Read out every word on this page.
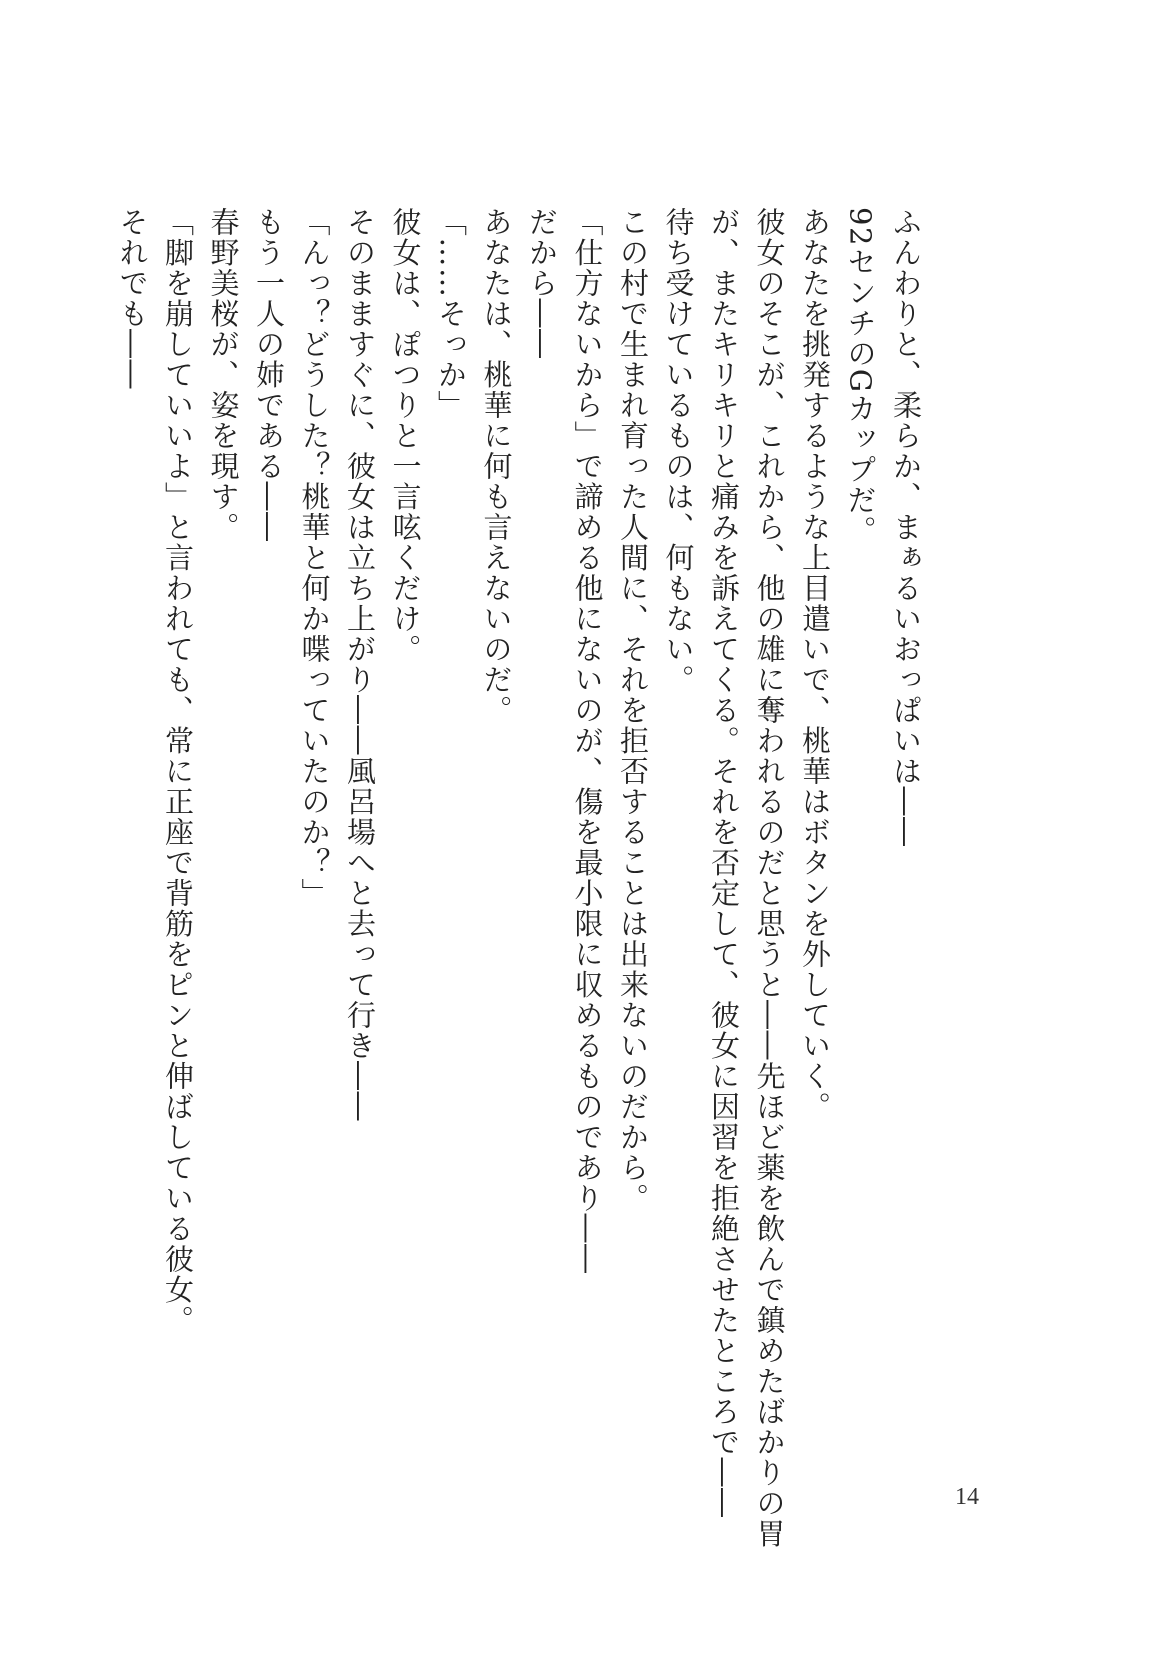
ふんわりと、柔らか、まぁるいおっぱいは――
92センチのGカップだ。
あなたを挑発するような上目遣いで、桃華はボタンを外していく。
彼女のそこが、これから、他の雄に奪われるのだと思うと――先ほど薬を飲んで鎮めたばかりの胃
が、またキリキリと痛みを訴えてくる。それを否定して、彼女に因習を拒絶させたところで――
待ち受けているものは、何もない。
この村で生まれ育った人間に、それを拒否することは出来ないのだから。
「仕方ないから」で諦める他にないのが、傷を最小限に収めるものであり――
だから――
あなたは、桃華に何も言えないのだ。
「……そっか」
彼女は、ぽつりと一言呟くだけ。
そのまますぐに、彼女は立ち上がり――風呂場へと去って行き――
「んっ？どうした？桃華と何か喋っていたのか？」
もう一人の姉である――
春野美桜が、姿を現す。
「脚を崩していいよ」と言われても、常に正座で背筋をピンと伸ばしている彼女。
それでも――
14
